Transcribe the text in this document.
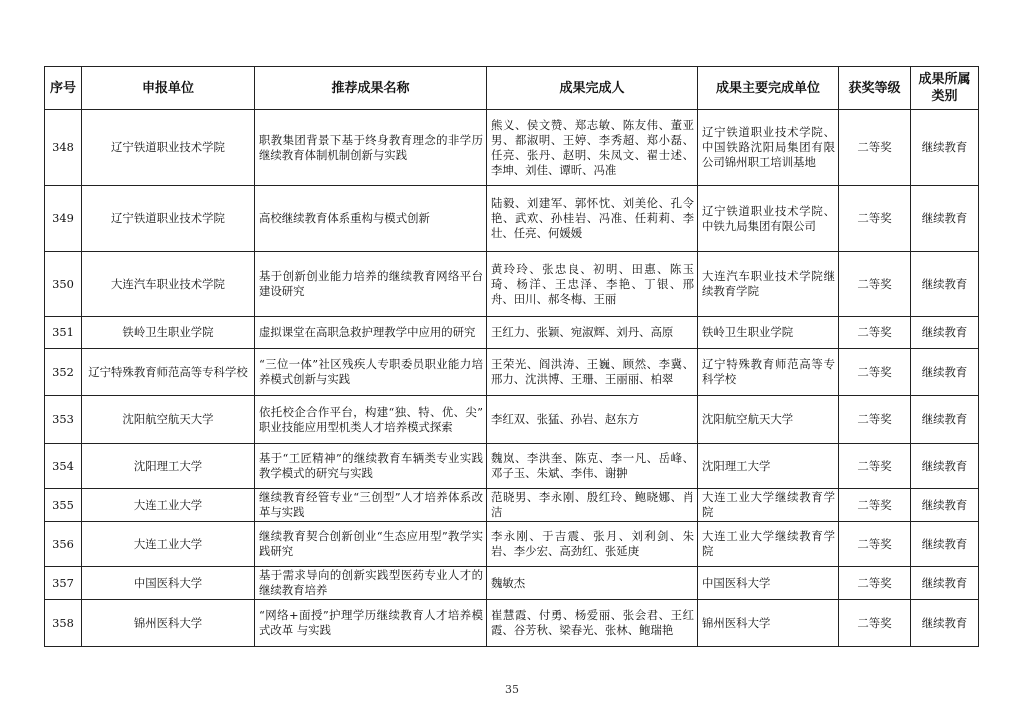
序号	申报单位	推荐成果名称	成果完成人	成果主要完成单位	获奖等级	成果所属类别
348	辽宁铁道职业技术学院	职教集团背景下基于终身教育理念的非学历继续教育体制机制创新与实践	熊义、侯文赞、郑志敏、陈友伟、董亚男、都淑明、王婷、李秀超、郑小磊、任亮、张丹、赵明、朱凤文、翟士述、李坤、刘佳、谭昕、冯准	辽宁铁道职业技术学院、中国铁路沈阳局集团有限公司锦州职工培训基地	二等奖	继续教育
349	辽宁铁道职业技术学院	高校继续教育体系重构与模式创新	陆毅、刘建军、郭怀忱、刘美伦、孔令艳、武欢、孙桂岩、冯准、任莉莉、李壮、任亮、何媛媛	辽宁铁道职业技术学院、中铁九局集团有限公司	二等奖	继续教育
350	大连汽车职业技术学院	基于创新创业能力培养的继续教育网络平台建设研究	黄玲玲、张忠良、初明、田惠、陈玉琦、杨洋、王忠泽、李艳、丁银、邢舟、田川、郝冬梅、王丽	大连汽车职业技术学院继续教育学院	二等奖	继续教育
351	铁岭卫生职业学院	虚拟课堂在高职急救护理教学中应用的研究	王红力、张颖、宛淑辉、刘丹、高原	铁岭卫生职业学院	二等奖	继续教育
352	辽宁特殊教育师范高等专科学校	“三位一体”社区残疾人专职委员职业能力培养模式创新与实践	王荣光、阎洪涛、王巍、顾然、李冀、邢力、沈洪博、王珊、王丽丽、柏翠	辽宁特殊教育师范高等专科学校	二等奖	继续教育
353	沈阳航空航天大学	依托校企合作平台，构建“独、特、优、尖” 职业技能应用型机类人才培养模式探索	李红双、张猛、孙岩、赵东方	沈阳航空航天大学	二等奖	继续教育
354	沈阳理工大学	基于“工匠精神”的继续教育车辆类专业实践教学模式的研究与实践	魏岚、李洪奎、陈克、李一凡、岳峰、邓子玉、朱斌、李伟、谢翀	沈阳理工大学	二等奖	继续教育
355	大连工业大学	继续教育经管专业“三创型”人才培养体系改革与实践	范晓男、李永刚、殷红玲、鲍晓娜、肖洁	大连工业大学继续教育学院	二等奖	继续教育
356	大连工业大学	继续教育契合创新创业“生态应用型”教学实践研究	李永刚、于吉震、张月、刘利剑、朱岩、李少宏、高劲红、张延庚	大连工业大学继续教育学院	二等奖	继续教育
357	中国医科大学	基于需求导向的创新实践型医药专业人才的继续教育培养	魏敏杰	中国医科大学	二等奖	继续教育
358	锦州医科大学	“网络+面授”护理学历继续教育人才培养模式改革 与实践	崔慧霞、付勇、杨爱丽、张会君、王红霞、谷芳秋、梁春光、张林、鲍瑞艳	锦州医科大学	二等奖	继续教育
35
